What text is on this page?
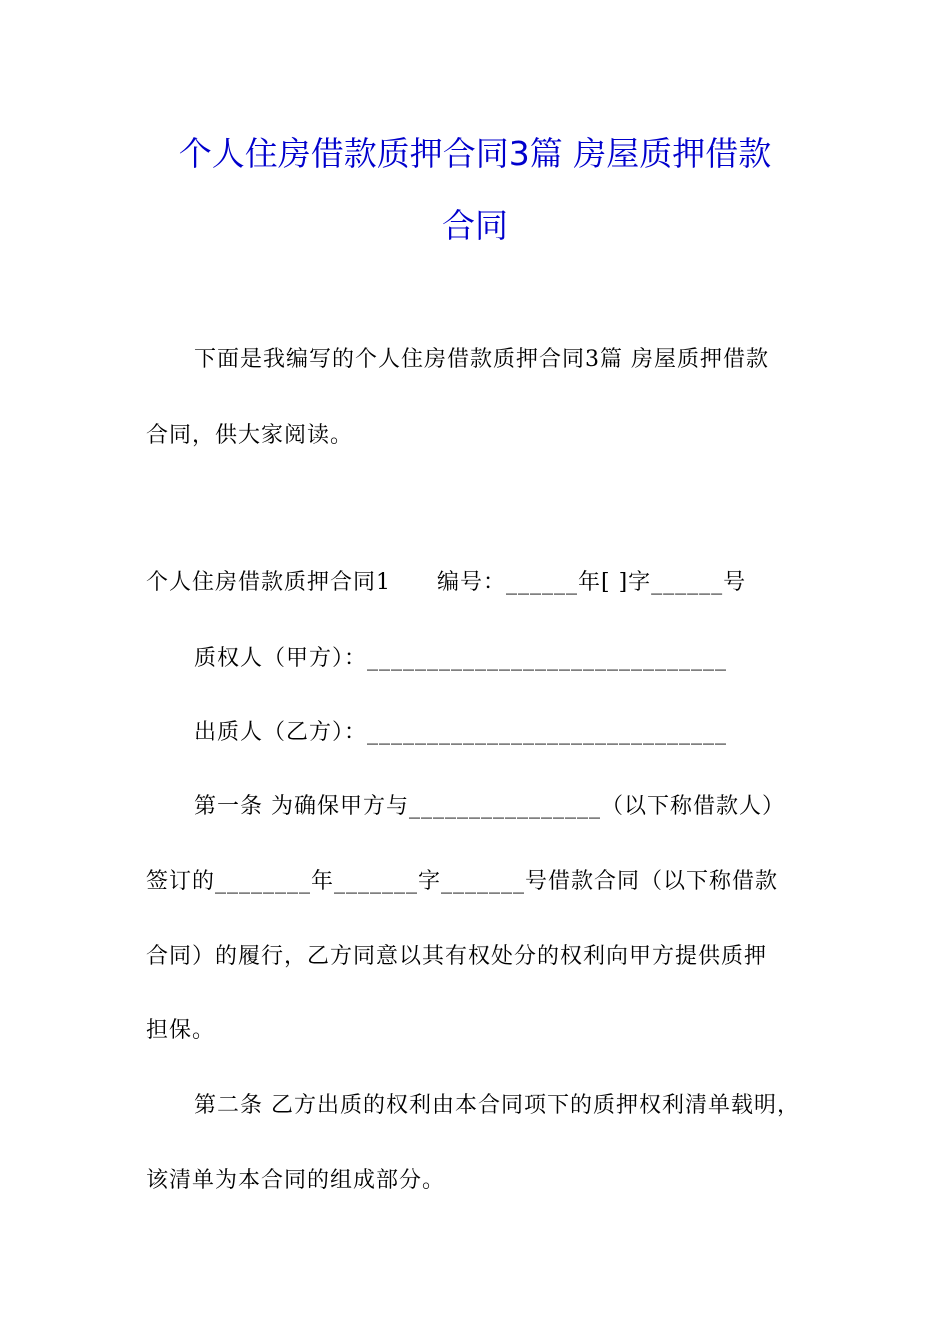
个人住房借款质押合同3篇 房屋质押借款
合同
下面是我编写的个人住房借款质押合同3篇 房屋质押借款
合同，供大家阅读。
个人住房借款质押合同1　　编号：______年[ ]字______号
质权人（甲方）：______________________________
出质人（乙方）：______________________________
第一条 为确保甲方与________________（以下称借款人）
签订的________年_______字_______号借款合同（以下称借款
合同）的履行，乙方同意以其有权处分的权利向甲方提供质押
担保。
第二条 乙方出质的权利由本合同项下的质押权利清单载明，
该清单为本合同的组成部分。
